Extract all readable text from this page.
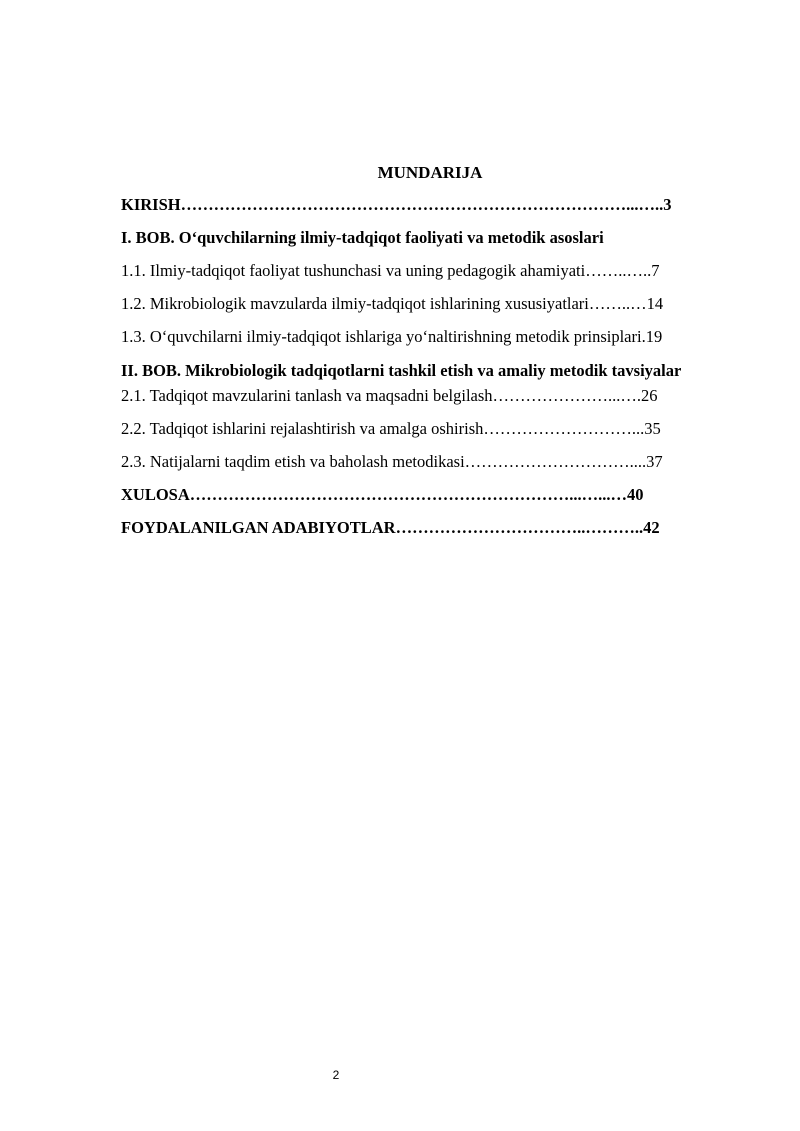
MUNDARIJA
KIRISH………………………………………………………………………...…..3
I. BOB. O‘quvchilarning ilmiy-tadqiqot faoliyati va metodik asoslari
1.1. Ilmiy-tadqiqot faoliyat tushunchasi va uning pedagogik ahamiyati……..…..7
1.2. Mikrobiologik mavzularda ilmiy-tadqiqot ishlarining xususiyatlari……..…14
1.3. O‘quvchilarni ilmiy-tadqiqot ishlariga yo‘naltirishning metodik prinsiplari.19
II. BOB. Mikrobiologik tadqiqotlarni tashkil etish va amaliy metodik tavsiyalar
2.1. Tadqiqot mavzularini tanlash va maqsadni belgilash…………………...….26
2.2. Tadqiqot ishlarini rejalashtirish va amalga oshirish………………………...35
2.3. Natijalarni taqdim etish va baholash metodikasi…………………………....37
XULOSA……………………………………………………………...…...…40
FOYDALANILGAN ADABIYOTLAR……………………………..………..42
2
